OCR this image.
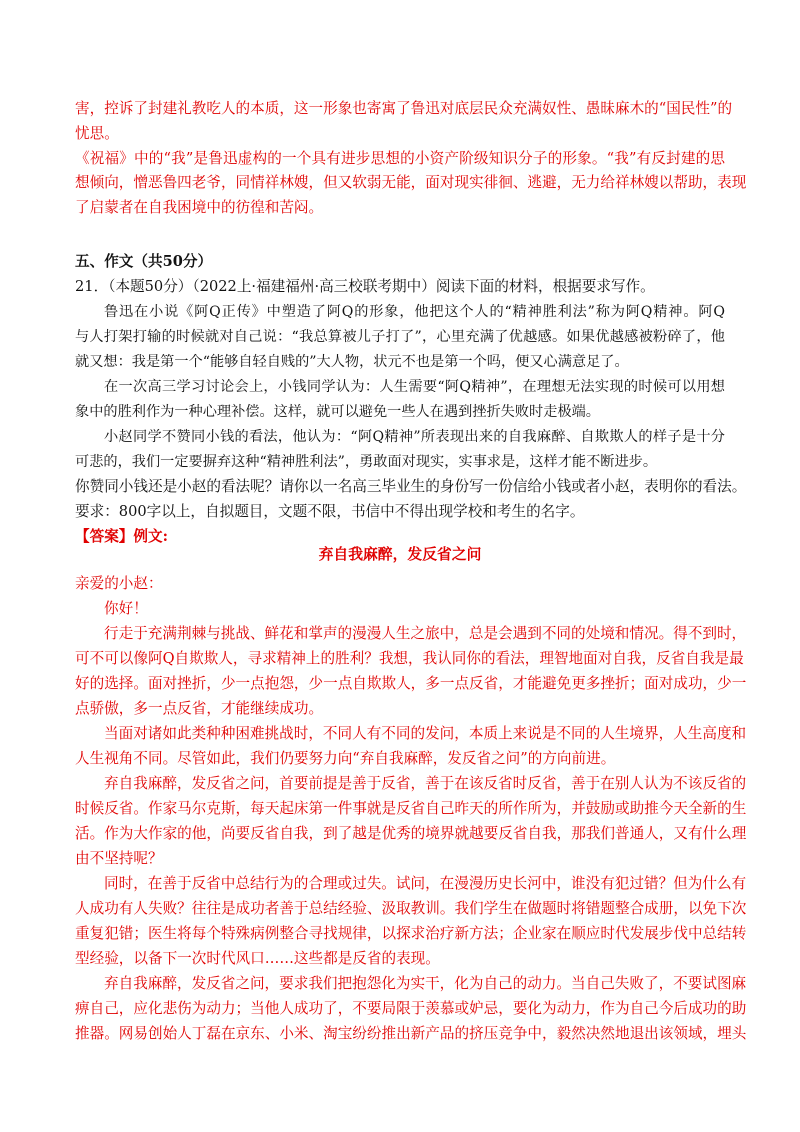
害，控诉了封建礼教吃人的本质，这一形象也寄寓了鲁迅对底层民众充满奴性、愚昧麻木的“国民性”的
忧思。
《祝福》中的“我”是鲁迅虚构的一个具有进步思想的小资产阶级知识分子的形象。“我”有反封建的思
想倾向，憎恶鲁四老爷，同情祥林嫂，但又软弱无能，面对现实徘徊、逃避，无力给祥林嫂以帮助，表现
了启蒙者在自我困境中的彷徨和苦闷。
五、作文（共50分）
21．（本题50分）（2022上·福建福州·高三校联考期中）阅读下面的材料，根据要求写作。
鲁迅在小说《阿Q正传》中塑造了阿Q的形象，他把这个人的“精神胜利法”称为阿Q精神。阿Q
与人打架打输的时候就对自己说：“我总算被儿子打了”，心里充满了优越感。如果优越感被粉碎了，他
就又想：我是第一个“能够自轻自贱的”大人物，状元不也是第一个吗，便又心满意足了。
在一次高三学习讨论会上，小钱同学认为：人生需要“阿Q精神”，在理想无法实现的时候可以用想
象中的胜利作为一种心理补偿。这样，就可以避免一些人在遇到挫折失败时走极端。
小赵同学不赞同小钱的看法，他认为：“阿Q精神”所表现出来的自我麻醉、自欺欺人的样子是十分
可悲的，我们一定要摒弃这种“精神胜利法”，勇敢面对现实，实事求是，这样才能不断进步。
你赞同小钱还是小赵的看法呢？请你以一名高三毕业生的身份写一份信给小钱或者小赵，表明你的看法。
要求：800字以上，自拟题目，文题不限，书信中不得出现学校和考生的名字。
【答案】例文:
弃自我麻醉，发反省之问
亲爱的小赵：
你好！
行走于充满荆棘与挑战、鲜花和掌声的漫漫人生之旅中，总是会遇到不同的处境和情况。得不到时，
可不可以像阿Q自欺欺人，寻求精神上的胜利？我想，我认同你的看法，理智地面对自我，反省自我是最
好的选择。面对挫折，少一点抱怨，少一点自欺欺人，多一点反省，才能避免更多挫折；面对成功，少一
点骄傲，多一点反省，才能继续成功。
当面对诸如此类种种困难挑战时，不同人有不同的发问，本质上来说是不同的人生境界，人生高度和
人生视角不同。尽管如此，我们仍要努力向“弃自我麻醉，发反省之问”的方向前进。
弃自我麻醉，发反省之问，首要前提是善于反省，善于在该反省时反省，善于在别人认为不该反省的
时候反省。作家马尔克斯，每天起床第一件事就是反省自己昨天的所作所为，并鼓励或助推今天全新的生
活。作为大作家的他，尚要反省自我，到了越是优秀的境界就越要反省自我，那我们普通人，又有什么理
由不坚持呢？
同时，在善于反省中总结行为的合理或过失。试问，在漫漫历史长河中，谁没有犯过错？但为什么有
人成功有人失败？往往是成功者善于总结经验、汲取教训。我们学生在做题时将错题整合成册，以免下次
重复犯错；医生将每个特殊病例整合寻找规律，以探求治疗新方法；企业家在顺应时代发展步伐中总结转
型经验，以备下一次时代风口……这些都是反省的表现。
弃自我麻醉，发反省之问，要求我们把抱怨化为实干，化为自己的动力。当自己失败了，不要试图麻
痹自己，应化悲伤为动力；当他人成功了，不要局限于羡慕或妒忌，要化为动力，作为自己今后成功的助
推器。网易创始人丁磊在京东、小米、淘宝纷纷推出新产品的挤压竞争中，毅然决然地退出该领域，埋头
